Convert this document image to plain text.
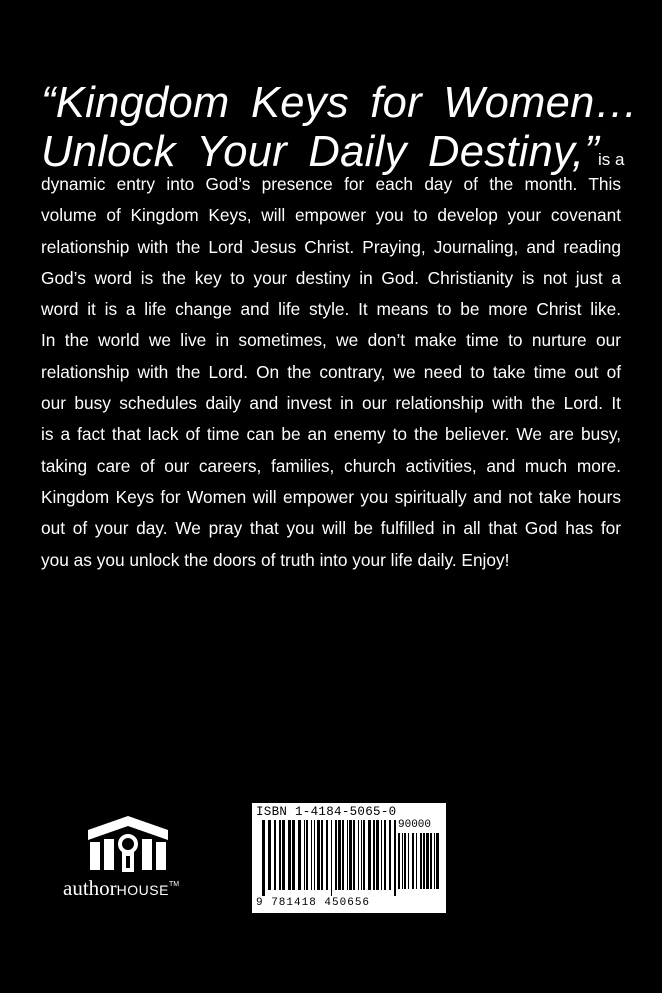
“Kingdom Keys for Women…
Unlock Your Daily Destiny,”
is a
dynamic entry into God’s presence for each day of the month. This
volume of Kingdom Keys, will empower you to develop your covenant
relationship with the Lord Jesus Christ. Praying, Journaling, and reading
God’s word is the key to your destiny in God. Christianity is not just a
word it is a life change and life style. It means to be more Christ like.
In the world we live in sometimes, we don’t make time to nurture our
relationship with the Lord. On the contrary, we need to take time out of
our busy schedules daily and invest in our relationship with the Lord. It
is a fact that lack of time can be an enemy to the believer. We are busy,
taking care of our careers, families, church activities, and much more.
Kingdom Keys for Women will empower you spiritually and not take hours
out of your day. We pray that you will be fulfilled in all that God has for
you as you unlock the doors of truth into your life daily. Enjoy!
authorHOUSE™
ISBN 1-4184-5065-0
90000
9 781418 450656
